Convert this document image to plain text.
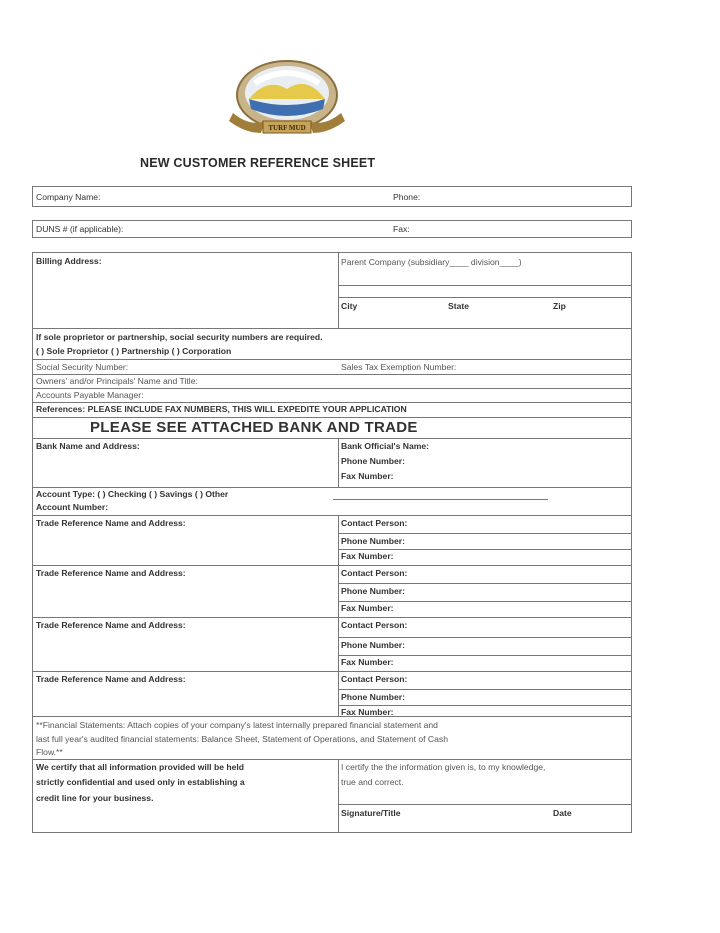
TURF MUD
NEW CUSTOMER REFERENCE SHEET
Company Name:	Phone:
DUNS # (if applicable):	Fax:
Billing Address:	Parent Company (subsidiary____ division____)
City	State	Zip
If sole proprietor or partnership, social security numbers are required.
( ) Sole Proprietor ( ) Partnership ( ) Corporation
Social Security Number:	Sales Tax Exemption Number:
Owners' and/or Principals' Name and Title:
Accounts Payable Manager:
References: PLEASE INCLUDE FAX NUMBERS, THIS WILL EXPEDITE YOUR APPLICATION
PLEASE SEE ATTACHED BANK AND TRADE
Bank Name and Address:	Bank Official's Name:
Phone Number:
Fax Number:
Account Type: ( ) Checking ( ) Savings ( ) Other
Account Number:
Trade Reference Name and Address:	Contact Person:
Phone Number:
Fax Number:
Trade Reference Name and Address:	Contact Person:
Phone Number:
Fax Number:
Trade Reference Name and Address:	Contact Person:
Phone Number:
Fax Number:
Trade Reference Name and Address:	Contact Person:
Phone Number:
Fax Number:
**Financial Statements: Attach copies of your company's latest internally prepared financial statement and
last full year's audited financial statements: Balance Sheet, Statement of Operations, and Statement of Cash
Flow.**
We certify that all information provided will be held
strictly confidential and used only in establishing a
credit line for your business.
I certify the the information given is, to my knowledge,
true and correct.
Signature/Title	Date
